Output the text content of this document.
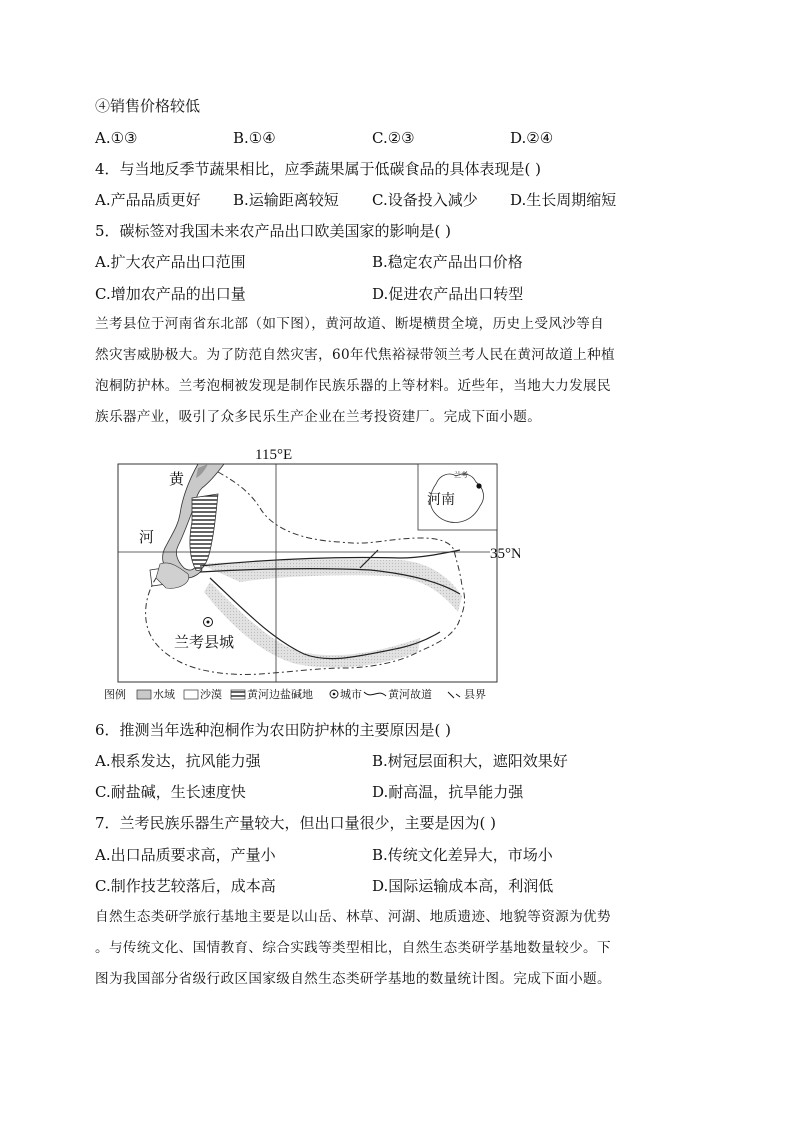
④销售价格较低
A.①③	B.①④	C.②③	D.②④
4．与当地反季节蔬果相比，应季蔬果属于低碳食品的具体表现是( )
A.产品品质更好 B.运输距离较短 C.设备投入减少 D.生长周期缩短
5．碳标签对我国未来农产品出口欧美国家的影响是( )
A.扩大农产品出口范围	B.稳定农产品出口价格
C.增加农产品的出口量	D.促进农产品出口转型
兰考县位于河南省东北部（如下图），黄河故道、断堤横贯全境，历史上受风沙等自
然灾害威胁极大。为了防范自然灾害，60年代焦裕禄带领兰考人民在黄河故道上种植
泡桐防护林。兰考泡桐被发现是制作民族乐器的上等材料。近些年，当地大力发展民
族乐器产业，吸引了众多民乐生产企业在兰考投资建厂。完成下面小题。
115°E
35°N
黄
河
兰考县城
河南
兰考
图例 水域 沙漠 黄河边盐碱地 城市 黄河故道	县界
6．推测当年选种泡桐作为农田防护林的主要原因是( )
A.根系发达，抗风能力强	B.树冠层面积大，遮阳效果好
C.耐盐碱，生长速度快	D.耐高温，抗旱能力强
7．兰考民族乐器生产量较大，但出口量很少，主要是因为( )
A.出口品质要求高，产量小	B.传统文化差异大，市场小
C.制作技艺较落后，成本高	D.国际运输成本高，利润低
自然生态类研学旅行基地主要是以山岳、林草、河湖、地质遗迹、地貌等资源为优势
。与传统文化、国情教育、综合实践等类型相比，自然生态类研学基地数量较少。下
图为我国部分省级行政区国家级自然生态类研学基地的数量统计图。完成下面小题。
